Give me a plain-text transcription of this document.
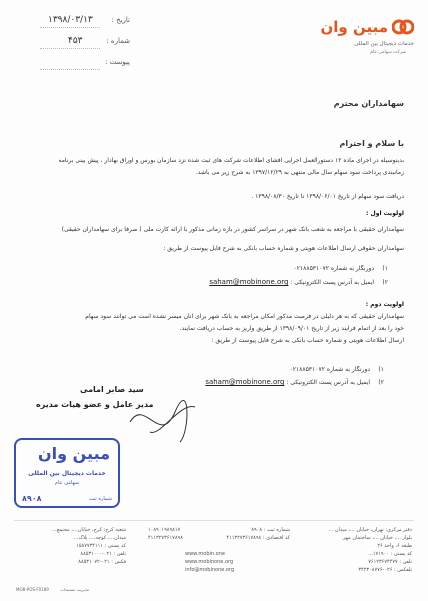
مبین وان
خدمات دیجیتال بین المللی
شرکت سهامی عام
تاریخ :
۱۳۹۸/۰۳/۱۳
شماره :
۴۵۳
پیوست :
سهامداران محترم
با سلام و احترام
بدینوسیله در اجرای ماده ۱۲ دستورالعمل اجرایی افشای اطلاعات شرکت های ثبت شده نزد سازمان بورس و اوراق بهادار ، پیش بینی برنامه
زمانبندی پرداخت سود سهام سال مالی منتهی به ۱۳۹۷/۱۲/۲۹ به شرح زیر می باشد.
دریافت سود سهام از تاریخ ۱۳۹۸/۰۶/۰۱ تا تاریخ ۱۳۹۸/۰۸/۳۰ .
اولویت اول :
سهامداران حقیقی با مراجعه به شعب بانک شهر در سراسر کشور در بازه زمانی مذکور با ارائه کارت ملی ( صرفا برای سهامداران حقیقی)
سهامداران حقوقی ارسال اطلاعات هویتی و شماره حساب بانکی به شرح فایل پیوست از طریق :
۱) دورنگار به شماره ۰۲۱۸۸۵۳۱۰۷۲
۲) ایمیل به آدرس پست الکترونیکی : saham@mobinone.org
اولویت دوم :
سهامداران حقیقی که به هر دلیلی در فرصت مذکور امکان مراجعه به بانک شهر برای آنان میسر نشده است می توانند سود سهام
خود را بعد از اتمام فرایند زیر از تاریخ ۱۳۹۸/۰۹/۰۱ از طریق واریز به حساب دریافت نمایند.
ارسال اطلاعات هویتی و شماره حساب بانکی به شرح فایل پیوست از طریق :
۱) دورنگار به شماره ۰۲۱۸۸۵۳۱۰۷۲
۲) ایمیل به آدرس پست الکترونیکی : saham@mobinone.org
سید صابر امامی
مدیر عامل و عضو هیات مدیره
مبین وان
خدمات دیجیتال بین المللی
سهامی عام
۸۹۰۸	شماره ثبت
دفتر مرکزی: تهران، خیابان ...، میدان ...
بلوار ...، خیابان ...، ساختمان مهر
طبقه ۶، واحد ۲۶
کد پستی : ۱۷۱۹۰۰...
تلفن : ۷۶۱۲۳۶۷۴۴۷۷
تلفکس : ۰۲۶-۳۴۲۳۰۸۷۷۶
شماره ثبت : ۸۹۰۸
کد اقتصادی : ۴۱۱۳۲۷۳۶۱۷۸۹۸
www.mobin.one
www.mobinone.org
info@mobinone.org
۱۰۸۹۰۱۹۸۹۸۱۷
۴۱۱۳۲۷۳۶۱۷۸۹۸
شعبه کرج: کرج، خیابان...، مجتمع...
میدان...، کوچه...، پلاک...
کد پستی : ۱۵۸۷۷۳۴۱۱۱
تلفن : ۰۲۱-۸۸۵۳۱۰۰۰
فکس : ۰۲۱-۸۸۵۳۱۰۷۲
MOB-POS-F0189	مدیریت مستندات
